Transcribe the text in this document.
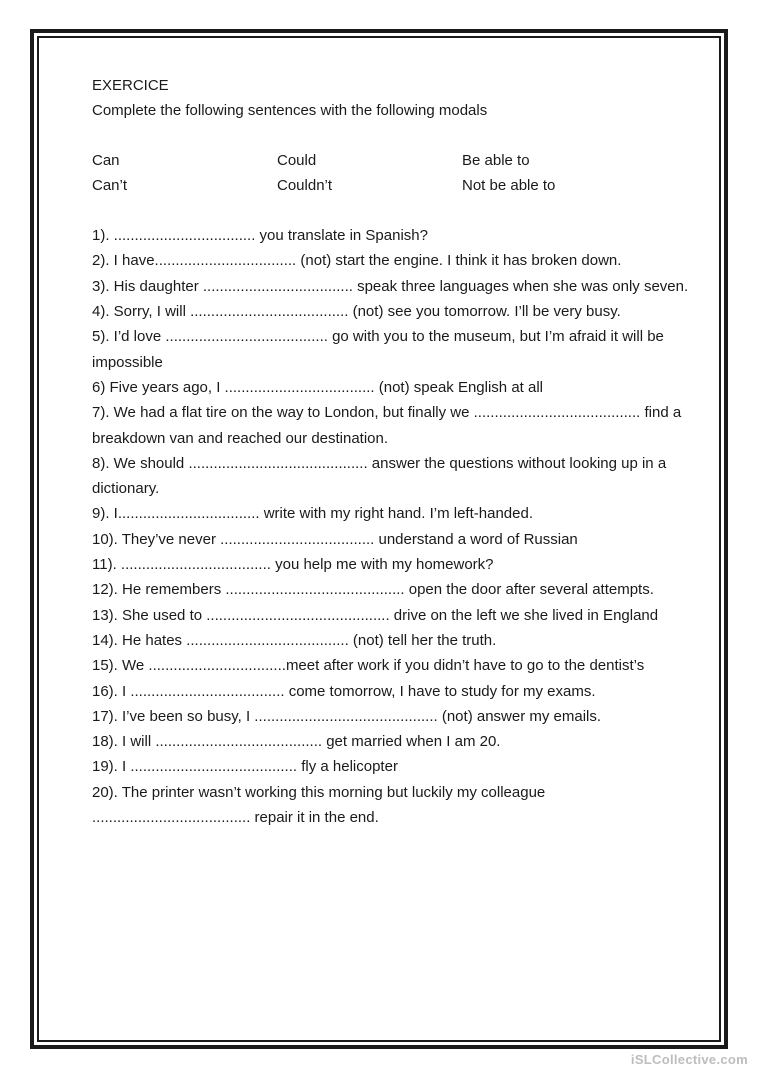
EXERCICE

Complete the following sentences with the following modals

Can	Could	Be able to
Can’t	Couldn’t	Not be able to

1). .................................. you translate in Spanish?

2). I have.................................. (not) start the engine. I think it has broken down.

3). His daughter .................................... speak three languages when she was only seven.

4). Sorry, I will ...................................... (not) see you tomorrow. I’ll be very busy.

5). I’d love ....................................... go with you to the museum, but I’m afraid it will be impossible

6) Five years ago, I .................................... (not) speak English at all

7). We had a flat tire on the way to London, but finally we ........................................ find a breakdown van and reached our destination.

8). We should ........................................... answer the questions without looking up in a dictionary.

9). I.................................. write with my right hand. I’m left-handed.

10). They’ve never ..................................... understand a word of Russian

11). .................................... you help me with my homework?

12). He remembers ........................................... open the door after several attempts.

13). She used to ............................................ drive on the left we she lived in England

14). He hates ....................................... (not) tell her the truth.

15). We .................................meet after work if you didn’t have to go to the dentist’s

16). I ..................................... come tomorrow, I have to study for my exams.

17). I’ve been so busy, I ............................................ (not) answer my emails.

18). I will ........................................ get married when I am 20.

19). I ........................................ fly a helicopter

20). The printer wasn’t working this morning but luckily my colleague ...................................... repair it in the end.

iSLCollective.com
